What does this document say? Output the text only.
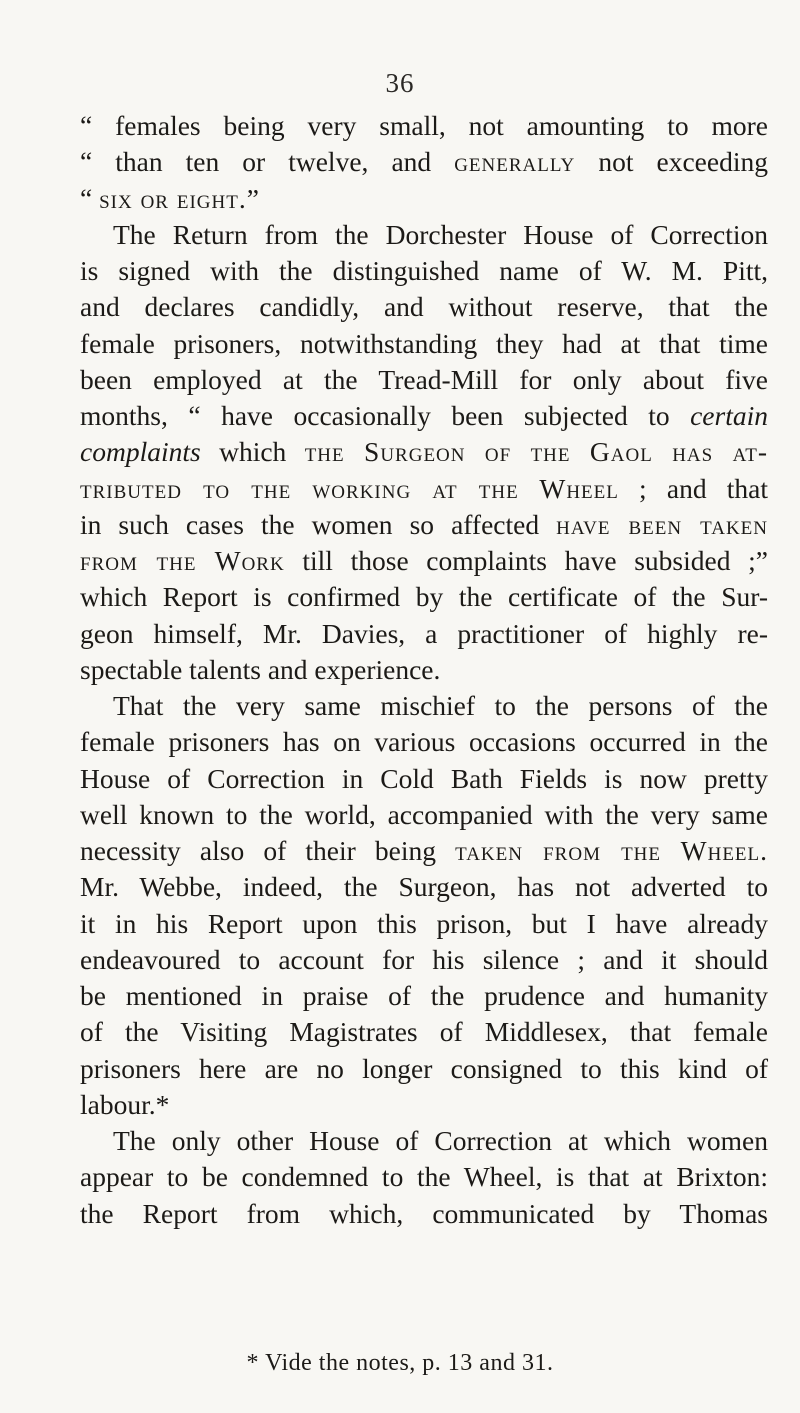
36
“ females being very small, not amounting to more
“ than ten or twelve, and generally not exceeding
“ six or eight.”
The Return from the Dorchester House of Correction
is signed with the distinguished name of W. M. Pitt,
and declares candidly, and without reserve, that the
female prisoners, notwithstanding they had at that time
been employed at the Tread-Mill for only about five
months, “ have occasionally been subjected to certain
complaints which the Surgeon of the Gaol has at-
tributed to the working at the Wheel ; and that
in such cases the women so affected have been taken
from the Work till those complaints have subsided ;”
which Report is confirmed by the certificate of the Sur-
geon himself, Mr. Davies, a practitioner of highly re-
spectable talents and experience.
That the very same mischief to the persons of the
female prisoners has on various occasions occurred in the
House of Correction in Cold Bath Fields is now pretty
well known to the world, accompanied with the very same
necessity also of their being taken from the Wheel.
Mr. Webbe, indeed, the Surgeon, has not adverted to
it in his Report upon this prison, but I have already
endeavoured to account for his silence ; and it should
be mentioned in praise of the prudence and humanity
of the Visiting Magistrates of Middlesex, that female
prisoners here are no longer consigned to this kind of
labour.*
The only other House of Correction at which women
appear to be condemned to the Wheel, is that at Brixton:
the Report from which, communicated by Thomas
* Vide the notes, p. 13 and 31.
